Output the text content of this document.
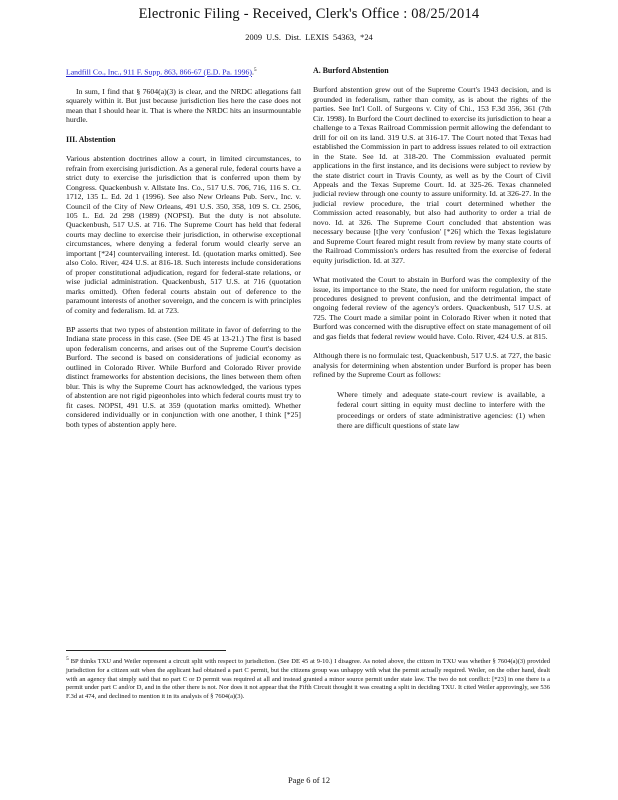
Electronic Filing - Received, Clerk's Office : 08/25/2014
2009 U.S. Dist. LEXIS 54363, *24

Landfill Co., Inc., 911 F. Supp. 863, 866-67 (E.D. Pa. 1996).$^5$

In sum, I find that § 7604(a)(3) is clear, and the NRDC allegations fall squarely within it. But just because jurisdiction lies here the case does not mean that I should hear it. That is where the NRDC hits an insurmountable hurdle.

III. Abstention

Various abstention doctrines allow a court, in limited circumstances, to refrain from exercising jurisdiction. As a general rule, federal courts have a strict duty to exercise the jurisdiction that is conferred upon them by Congress. Quackenbush v. Allstate Ins. Co., 517 U.S. 706, 716, 116 S. Ct. 1712, 135 L. Ed. 2d 1 (1996). See also New Orleans Pub. Serv., Inc. v. Council of the City of New Orleans, 491 U.S. 350, 358, 109 S. Ct. 2506, 105 L. Ed. 2d 298 (1989) (NOPSI). But the duty is not absolute. Quackenbush, 517 U.S. at 716. The Supreme Court has held that federal courts may decline to exercise their jurisdiction, in otherwise exceptional circumstances, where denying a federal forum would clearly serve an important [*24] countervailing interest. Id. (quotation marks omitted). See also Colo. River, 424 U.S. at 816-18. Such interests include considerations of proper constitutional adjudication, regard for federal-state relations, or wise judicial administration. Quackenbush, 517 U.S. at 716 (quotation marks omitted). Often federal courts abstain out of deference to the paramount interests of another sovereign, and the concern is with principles of comity and federalism. Id. at 723.

BP asserts that two types of abstention militate in favor of deferring to the Indiana state process in this case. (See DE 45 at 13-21.) The first is based upon federalism concerns, and arises out of the Supreme Court's decision Burford. The second is based on considerations of judicial economy as outlined in Colorado River. While Burford and Colorado River provide distinct frameworks for abstention decisions, the lines between them often blur. This is why the Supreme Court has acknowledged, the various types of abstention are not rigid pigeonholes into which federal courts must try to fit cases. NOPSI, 491 U.S. at 359 (quotation marks omitted). Whether considered individually or in conjunction with one another, I think [*25] both types of abstention apply here.

A. Burford Abstention

Burford abstention grew out of the Supreme Court's 1943 decision, and is grounded in federalism, rather than comity, as is about the rights of the parties. See Int'l Coll. of Surgeons v. City of Chi., 153 F.3d 356, 361 (7th Cir. 1998). In Burford the Court declined to exercise its jurisdiction to hear a challenge to a Texas Railroad Commission permit allowing the defendant to drill for oil on its land. 319 U.S. at 316-17. The Court noted that Texas had established the Commission in part to address issues related to oil extraction in the State. See Id. at 318-20. The Commission evaluated permit applications in the first instance, and its decisions were subject to review by the state district court in Travis County, as well as by the Court of Civil Appeals and the Texas Supreme Court. Id. at 325-26. Texas channeled judicial review through one county to assure uniformity. Id. at 326-27. In the judicial review procedure, the trial court determined whether the Commission acted reasonably, but also had authority to order a trial de novo. Id. at 326. The Supreme Court concluded that abstention was necessary because [t]he very 'confusion' [*26] which the Texas legislature and Supreme Court feared might result from review by many state courts of the Railroad Commission's orders has resulted from the exercise of federal equity jurisdiction. Id. at 327.

What motivated the Court to abstain in Burford was the complexity of the issue, its importance to the State, the need for uniform regulation, the state procedures designed to prevent confusion, and the detrimental impact of ongoing federal review of the agency's orders. Quackenbush, 517 U.S. at 725. The Court made a similar point in Colorado River when it noted that Burford was concerned with the disruptive effect on state management of oil and gas fields that federal review would have. Colo. River, 424 U.S. at 815.

Although there is no formulaic test, Quackenbush, 517 U.S. at 727, the basic analysis for determining when abstention under Burford is proper has been refined by the Supreme Court as follows:

Where timely and adequate state-court review is available, a federal court sitting in equity must decline to interfere with the proceedings or orders of state administrative agencies: (1) when there are difficult questions of state law

$^5$ BP thinks TXU and Weiler represent a circuit split with respect to jurisdiction. (See DE 45 at 9-10.) I disagree. As noted above, the citizen in TXU was whether § 7604(a)(3) provided jurisdiction for a citizen suit when the applicant had obtained a part C permit, but the citizens group was unhappy with what the permit actually required. Weiler, on the other hand, dealt with an agency that simply said that no part C or D permit was required at all and instead granted a minor source permit under state law. The two do not conflict: [*23] in one there is a permit under part C and/or D, and in the other there is not. Nor does it not appear that the Fifth Circuit thought it was creating a split in deciding TXU. It cited Weiler approvingly, see 536 F.3d at 474, and declined to mention it in its analysis of § 7604(a)(3).
Page 6 of 12
